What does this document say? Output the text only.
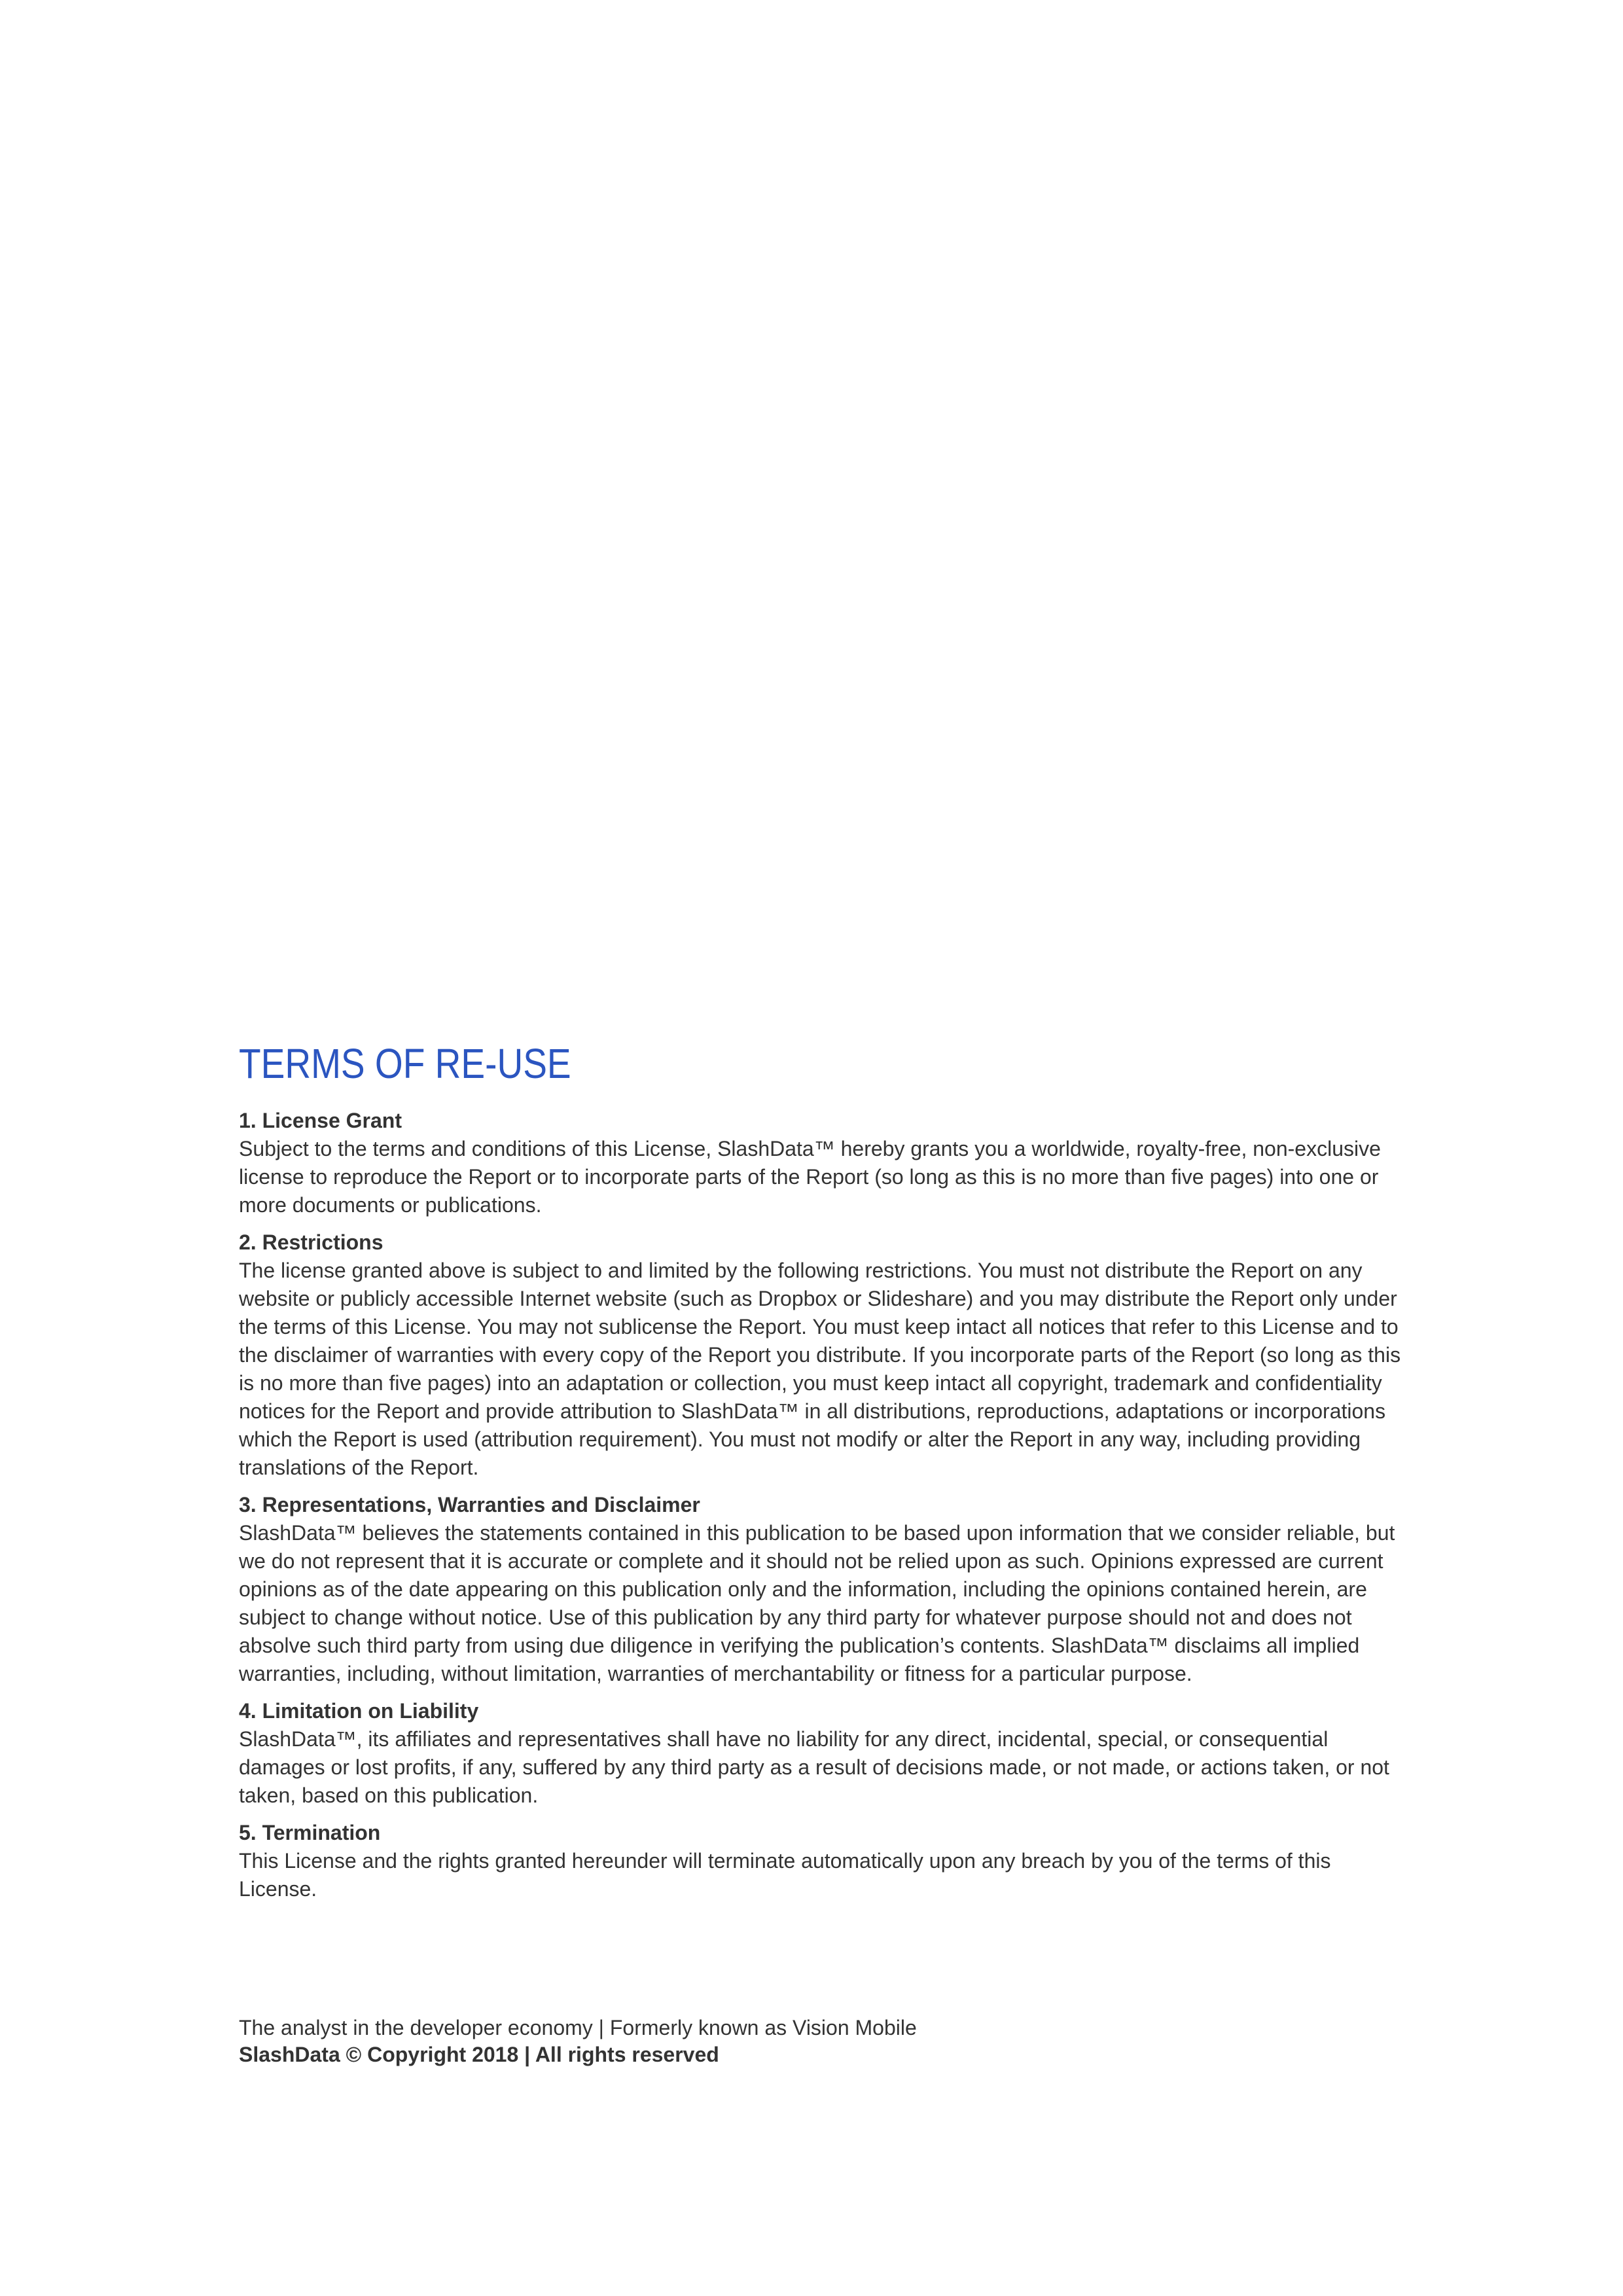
TERMS OF RE-USE

1. License Grant

Subject to the terms and conditions of this License, SlashData™ hereby grants you a worldwide, royalty-free, non-exclusive license to reproduce the Report or to incorporate parts of the Report (so long as this is no more than five pages) into one or more documents or publications.

2. Restrictions

The license granted above is subject to and limited by the following restrictions. You must not distribute the Report on any website or publicly accessible Internet website (such as Dropbox or Slideshare) and you may distribute the Report only under the terms of this License. You may not sublicense the Report. You must keep intact all notices that refer to this License and to the disclaimer of warranties with every copy of the Report you distribute. If you incorporate parts of the Report (so long as this is no more than five pages) into an adaptation or collection, you must keep intact all copyright, trademark and confidentiality notices for the Report and provide attribution to SlashData™ in all distributions, reproductions, adaptations or incorporations which the Report is used (attribution requirement). You must not modify or alter the Report in any way, including providing translations of the Report.

3. Representations, Warranties and Disclaimer

SlashData™ believes the statements contained in this publication to be based upon information that we consider reliable, but we do not represent that it is accurate or complete and it should not be relied upon as such. Opinions expressed are current opinions as of the date appearing on this publication only and the information, including the opinions contained herein, are subject to change without notice. Use of this publication by any third party for whatever purpose should not and does not absolve such third party from using due diligence in verifying the publication’s contents. SlashData™ disclaims all implied warranties, including, without limitation, warranties of merchantability or fitness for a particular purpose.

4. Limitation on Liability

SlashData™, its affiliates and representatives shall have no liability for any direct, incidental, special, or consequential damages or lost profits, if any, suffered by any third party as a result of decisions made, or not made, or actions taken, or not taken, based on this publication.

5. Termination

This License and the rights granted hereunder will terminate automatically upon any breach by you of the terms of this License.

The analyst in the developer economy | Formerly known as Vision Mobile

SlashData © Copyright 2018 | All rights reserved
